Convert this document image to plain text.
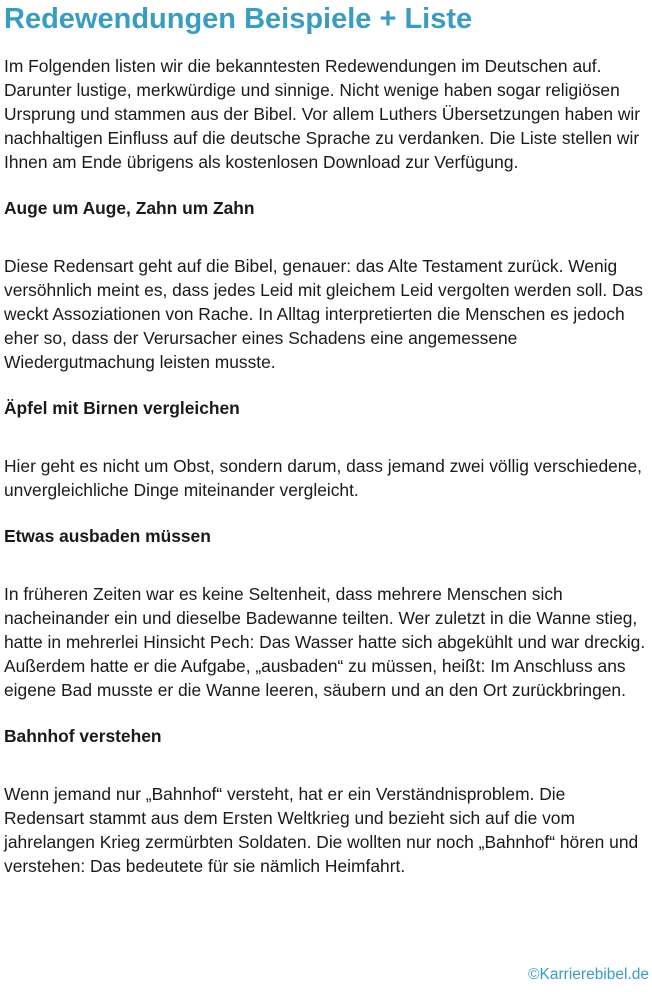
Redewendungen Beispiele + Liste

Im Folgenden listen wir die bekanntesten Redewendungen im Deutschen auf. Darunter lustige, merkwürdige und sinnige. Nicht wenige haben sogar religiösen Ursprung und stammen aus der Bibel. Vor allem Luthers Übersetzungen haben wir nachhaltigen Einfluss auf die deutsche Sprache zu verdanken. Die Liste stellen wir Ihnen am Ende übrigens als kostenlosen Download zur Verfügung.

Auge um Auge, Zahn um Zahn

Diese Redensart geht auf die Bibel, genauer: das Alte Testament zurück. Wenig versöhnlich meint es, dass jedes Leid mit gleichem Leid vergolten werden soll. Das weckt Assoziationen von Rache. In Alltag interpretierten die Menschen es jedoch eher so, dass der Verursacher eines Schadens eine angemessene Wiedergutmachung leisten musste.

Äpfel mit Birnen vergleichen

Hier geht es nicht um Obst, sondern darum, dass jemand zwei völlig verschiedene, unvergleichliche Dinge miteinander vergleicht.

Etwas ausbaden müssen

In früheren Zeiten war es keine Seltenheit, dass mehrere Menschen sich nacheinander ein und dieselbe Badewanne teilten. Wer zuletzt in die Wanne stieg, hatte in mehrerlei Hinsicht Pech: Das Wasser hatte sich abgekühlt und war dreckig. Außerdem hatte er die Aufgabe, „ausbaden“ zu müssen, heißt: Im Anschluss ans eigene Bad musste er die Wanne leeren, säubern und an den Ort zurückbringen.

Bahnhof verstehen

Wenn jemand nur „Bahnhof“ versteht, hat er ein Verständnisproblem. Die Redensart stammt aus dem Ersten Weltkrieg und bezieht sich auf die vom jahrelangen Krieg zermürbten Soldaten. Die wollten nur noch „Bahnhof“ hören und verstehen: Das bedeutete für sie nämlich Heimfahrt.

©Karrierebibel.de
